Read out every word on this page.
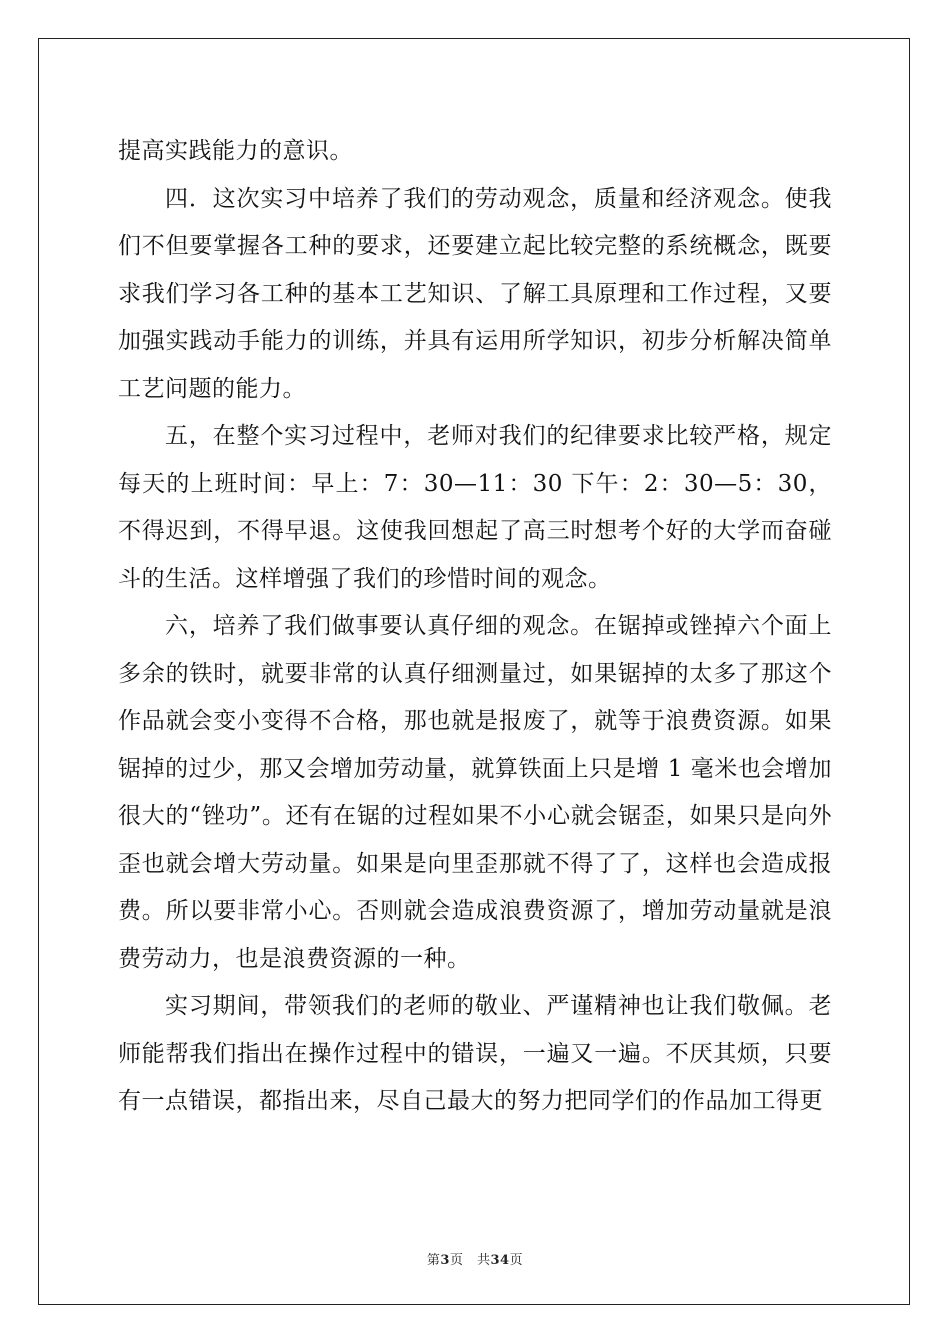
提高实践能力的意识。

四．这次实习中培养了我们的劳动观念，质量和经济观念。使我们不但要掌握各工种的要求，还要建立起比较完整的系统概念，既要求我们学习各工种的基本工艺知识、了解工具原理和工作过程，又要加强实践动手能力的训练，并具有运用所学知识，初步分析解决简单工艺问题的能力。

五，在整个实习过程中，老师对我们的纪律要求比较严格，规定每天的上班时间：早上：7：30—11：30 下午：2：30—5：30，不得迟到，不得早退。这使我回想起了高三时想考个好的大学而奋碰斗的生活。这样增强了我们的珍惜时间的观念。

六，培养了我们做事要认真仔细的观念。在锯掉或锉掉六个面上多余的铁时，就要非常的认真仔细测量过，如果锯掉的太多了那这个作品就会变小变得不合格，那也就是报废了，就等于浪费资源。如果锯掉的过少，那又会增加劳动量，就算铁面上只是增 1 毫米也会增加很大的“锉功”。还有在锯的过程如果不小心就会锯歪，如果只是向外歪也就会增大劳动量。如果是向里歪那就不得了了，这样也会造成报费。所以要非常小心。否则就会造成浪费资源了，增加劳动量就是浪费劳动力，也是浪费资源的一种。

实习期间，带领我们的老师的敬业、严谨精神也让我们敬佩。老师能帮我们指出在操作过程中的错误，一遍又一遍。不厌其烦，只要有一点错误，都指出来，尽自己最大的努力把同学们的作品加工得更

第3页　共34页
